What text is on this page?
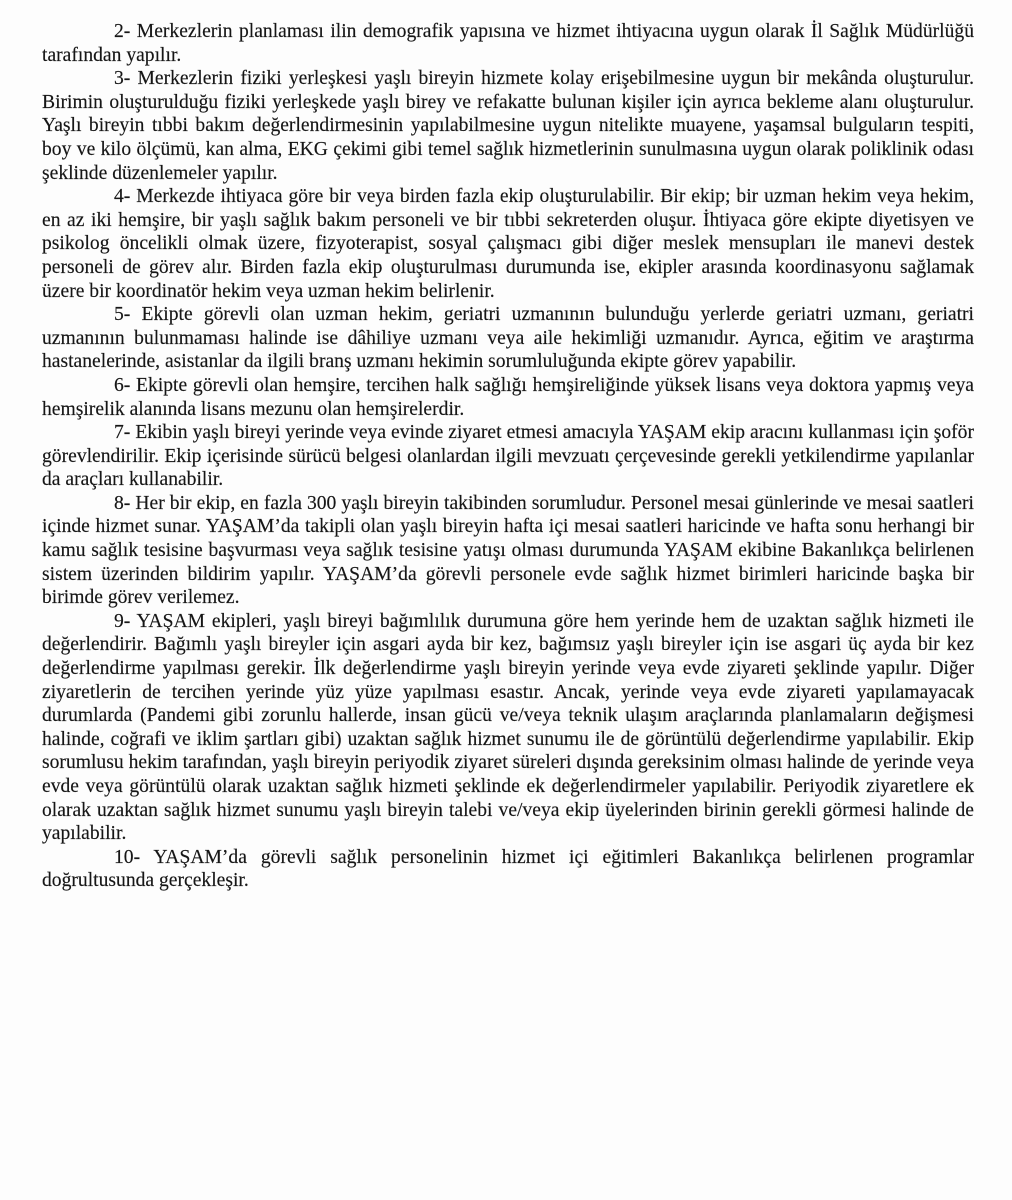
2- Merkezlerin planlaması ilin demografik yapısına ve hizmet ihtiyacına uygun olarak İl Sağlık Müdürlüğü tarafından yapılır.

3- Merkezlerin fiziki yerleşkesi yaşlı bireyin hizmete kolay erişebilmesine uygun bir mekânda oluşturulur. Birimin oluşturulduğu fiziki yerleşkede yaşlı birey ve refakatte bulunan kişiler için ayrıca bekleme alanı oluşturulur. Yaşlı bireyin tıbbi bakım değerlendirmesinin yapılabilmesine uygun nitelikte muayene, yaşamsal bulguların tespiti, boy ve kilo ölçümü, kan alma, EKG çekimi gibi temel sağlık hizmetlerinin sunulmasına uygun olarak poliklinik odası şeklinde düzenlemeler yapılır.

4- Merkezde ihtiyaca göre bir veya birden fazla ekip oluşturulabilir. Bir ekip; bir uzman hekim veya hekim, en az iki hemşire, bir yaşlı sağlık bakım personeli ve bir tıbbi sekreterden oluşur. İhtiyaca göre ekipte diyetisyen ve psikolog öncelikli olmak üzere, fizyoterapist, sosyal çalışmacı gibi diğer meslek mensupları ile manevi destek personeli de görev alır. Birden fazla ekip oluşturulması durumunda ise, ekipler arasında koordinasyonu sağlamak üzere bir koordinatör hekim veya uzman hekim belirlenir.

5- Ekipte görevli olan uzman hekim, geriatri uzmanının bulunduğu yerlerde geriatri uzmanı, geriatri uzmanının bulunmaması halinde ise dâhiliye uzmanı veya aile hekimliği uzmanıdır. Ayrıca, eğitim ve araştırma hastanelerinde, asistanlar da ilgili branş uzmanı hekimin sorumluluğunda ekipte görev yapabilir.

6- Ekipte görevli olan hemşire, tercihen halk sağlığı hemşireliğinde yüksek lisans veya doktora yapmış veya hemşirelik alanında lisans mezunu olan hemşirelerdir.

7- Ekibin yaşlı bireyi yerinde veya evinde ziyaret etmesi amacıyla YAŞAM ekip aracını kullanması için şoför görevlendirilir. Ekip içerisinde sürücü belgesi olanlardan ilgili mevzuatı çerçevesinde gerekli yetkilendirme yapılanlar da araçları kullanabilir.

8- Her bir ekip, en fazla 300 yaşlı bireyin takibinden sorumludur. Personel mesai günlerinde ve mesai saatleri içinde hizmet sunar. YAŞAM’da takipli olan yaşlı bireyin hafta içi mesai saatleri haricinde ve hafta sonu herhangi bir kamu sağlık tesisine başvurması veya sağlık tesisine yatışı olması durumunda YAŞAM ekibine Bakanlıkça belirlenen sistem üzerinden bildirim yapılır. YAŞAM’da görevli personele evde sağlık hizmet birimleri haricinde başka bir birimde görev verilemez.

9- YAŞAM ekipleri, yaşlı bireyi bağımlılık durumuna göre hem yerinde hem de uzaktan sağlık hizmeti ile değerlendirir. Bağımlı yaşlı bireyler için asgari ayda bir kez, bağımsız yaşlı bireyler için ise asgari üç ayda bir kez değerlendirme yapılması gerekir. İlk değerlendirme yaşlı bireyin yerinde veya evde ziyareti şeklinde yapılır. Diğer ziyaretlerin de tercihen yerinde yüz yüze yapılması esastır. Ancak, yerinde veya evde ziyareti yapılamayacak durumlarda (Pandemi gibi zorunlu hallerde, insan gücü ve/veya teknik ulaşım araçlarında planlamaların değişmesi halinde, coğrafi ve iklim şartları gibi) uzaktan sağlık hizmet sunumu ile de görüntülü değerlendirme yapılabilir. Ekip sorumlusu hekim tarafından, yaşlı bireyin periyodik ziyaret süreleri dışında gereksinim olması halinde de yerinde veya evde veya görüntülü olarak uzaktan sağlık hizmeti şeklinde ek değerlendirmeler yapılabilir. Periyodik ziyaretlere ek olarak uzaktan sağlık hizmet sunumu yaşlı bireyin talebi ve/veya ekip üyelerinden birinin gerekli görmesi halinde de yapılabilir.

10- YAŞAM’da görevli sağlık personelinin hizmet içi eğitimleri Bakanlıkça belirlenen programlar doğrultusunda gerçekleşir.
